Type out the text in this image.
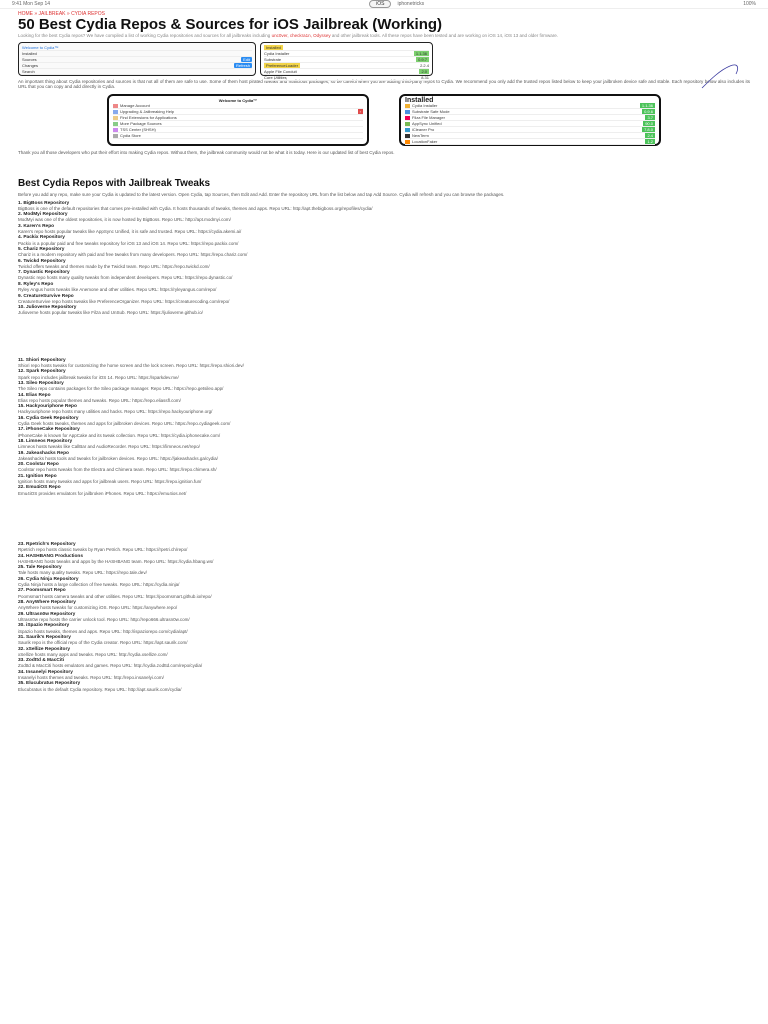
9:41 Mon Sep 14	iOS	iphonetricks	100%
HOME » JAILBREAK » CYDIA REPOS
50 Best Cydia Repos & Sources for iOS Jailbreak (Working)
Looking for the best Cydia repos? We have compiled a list of working Cydia repositories and sources for all jailbreaks including unc0ver, checkra1n, Odyssey and other jailbreak tools. All these repos have been tested and are working on iOS 14, iOS 13 and older firmware.
Welcome to Cydia™
Installed
Sources	Edit
Changes	Refresh
Search
Installed
Cydia Installer	1.1.36
Substrate	0.9.7
PreferenceLoader	2.2.4
Apple File Conduit	2.0
Core Utilities	8.31

An important thing about Cydia repositories and sources is that not all of them are safe to use. Some of them host pirated tweaks and malicious packages, so be careful when you are adding third-party repos to Cydia. We recommend you only add the trusted repos listed below to keep your jailbroken device safe and stable. Each repository below also includes its URL that you can copy and add directly in Cydia.

Welcome to Cydia™
Manage Account
Upgrading & Jailbreaking Help	›
Find Extensions for Applications
More Package Sources
TSS Center (SHSH)
Cydia Store
Installed
Cydia Installer	1.1.36
Substrate Safe Mode	0.9.6
Filza File Manager	3.7
AppSync Unified	90.0
iCleaner Pro	7.8.0
NewTerm	2.4
LocationFaker	1.2

Thank you all those developers who put their effort into making Cydia repos. Without them, the jailbreak community would not be what it is today. Here is our updated list of best Cydia repos.

Best Cydia Repos with Jailbreak Tweaks

Before you add any repo, make sure your Cydia is updated to the latest version. Open Cydia, tap Sources, then Edit and Add. Enter the repository URL from the list below and tap Add Source. Cydia will refresh and you can browse the packages.

1. BigBoss Repository

BigBoss is one of the default repositories that comes pre-installed with Cydia. It hosts thousands of tweaks, themes and apps. Repo URL: http://apt.thebigboss.org/repofiles/cydia/

2. ModMyi Repository

ModMyi was one of the oldest repositories, it is now hosted by BigBoss. Repo URL: http://apt.modmyi.com/

3. Karen's Repo

Karen's repo hosts popular tweaks like AppSync Unified, it is safe and trusted. Repo URL: https://cydia.akemi.ai/

4. Packix Repository

Packix is a popular paid and free tweaks repository for iOS 13 and iOS 14. Repo URL: https://repo.packix.com/

5. Chariz Repository

Chariz is a modern repository with paid and free tweaks from many developers. Repo URL: https://repo.chariz.com/

6. Twickd Repository

Twickd offers tweaks and themes made by the Twickd team. Repo URL: https://repo.twickd.com/

7. Dynastic Repository

Dynastic repo hosts many quality tweaks from independent developers. Repo URL: https://repo.dynastic.co/

8. Ryley's Repo

Ryley Angus hosts tweaks like Anemone and other utilities. Repo URL: https://ryleyangus.com/repo/

9. CreatureSurvive Repo

CreatureSurvive repo hosts tweaks like PreferenceOrganizer. Repo URL: https://creaturecoding.com/repo/

10. Julioverne Repository

Julioverne hosts popular tweaks like Filza and UnSub. Repo URL: https://julioverne.github.io/

11. Shiori Repository

Shiori repo hosts tweaks for customizing the home screen and the lock screen. Repo URL: https://repo.shiori.dev/

12. Spark Repository

Spark repo includes jailbreak tweaks for iOS 14. Repo URL: https://sparkdev.me/

13. Sileo Repository

The Sileo repo contains packages for the Sileo package manager. Repo URL: https://repo.getsileo.app/

14. Elias Repo

Elias repo hosts popular themes and tweaks. Repo URL: https://repo.eliassfl.com/

15. Hackyouriphone Repo

Hackyouriphone repo hosts many utilities and hacks. Repo URL: https://repo.hackyouriphone.org/

16. Cydia Geek Repository

Cydia Geek hosts tweaks, themes and apps for jailbroken devices. Repo URL: https://repo.cydiageek.com/

17. iPhoneCake Repository

iPhoneCake is known for AppCake and its tweak collection. Repo URL: https://cydia.iphonecake.com/

18. Limneos Repository

Limneos hosts tweaks like CallBar and AudioRecorder. Repo URL: https://limneos.net/repo/

19. Jakeashacks Repo

Jakeashacks hosts tools and tweaks for jailbroken devices. Repo URL: https://jakeashacks.ga/cydia/

20. Coolstar Repo

Coolstar repo hosts tweaks from the Electra and Chimera team. Repo URL: https://repo.chimera.sh/

21. Ignition Repo

Ignition hosts many tweaks and apps for jailbreak users. Repo URL: https://repo.ignition.fun/

22. Emu4iOS Repo

Emu4iOS provides emulators for jailbroken iPhones. Repo URL: https://emu4ios.net/

23. Rpetrich's Repository

Rpetrich repo hosts classic tweaks by Ryan Petrich. Repo URL: https://rpetri.ch/repo/

24. HASHBANG Productions

HASHBANG hosts tweaks and apps by the HASHBANG team. Repo URL: https://cydia.hbang.ws/

25. Tale Repository

Tale hosts many quality tweaks. Repo URL: https://repo.tale.dev/

26. Cydia Ninja Repository

Cydia Ninja hosts a large collection of free tweaks. Repo URL: https://cydia.ninja/

27. Poomsmart Repo

Poomsmart hosts camera tweaks and other utilities. Repo URL: https://poomsmart.github.io/repo/

28. AnyWhere Repository

AnyWhere hosts tweaks for customizing iOS. Repo URL: https://anywhere.repo/

29. Ultrasn0w Repository

Ultrasn0w repo hosts the carrier unlock tool. Repo URL: http://repo666.ultrasn0w.com/

30. iSpazio Repository

iSpazio hosts tweaks, themes and apps. Repo URL: http://ispaziorepo.com/cydia/apt/

31. Saurik's Repository

Saurik repo is the official repo of the Cydia creator. Repo URL: https://apt.saurik.com/

32. xSellize Repository

xSellize hosts many apps and tweaks. Repo URL: http://cydia.xsellize.com/

33. Zodttd & MacCiti

Zodttd & MacCiti hosts emulators and games. Repo URL: http://cydia.zodttd.com/repo/cydia/

34. Insanelyi Repository

Insanelyi hosts themes and tweaks. Repo URL: http://repo.insanelyi.com/

35. Elucubratus Repository

Elucubratus is the default Cydia repository. Repo URL: http://apt.saurik.com/cydia/
